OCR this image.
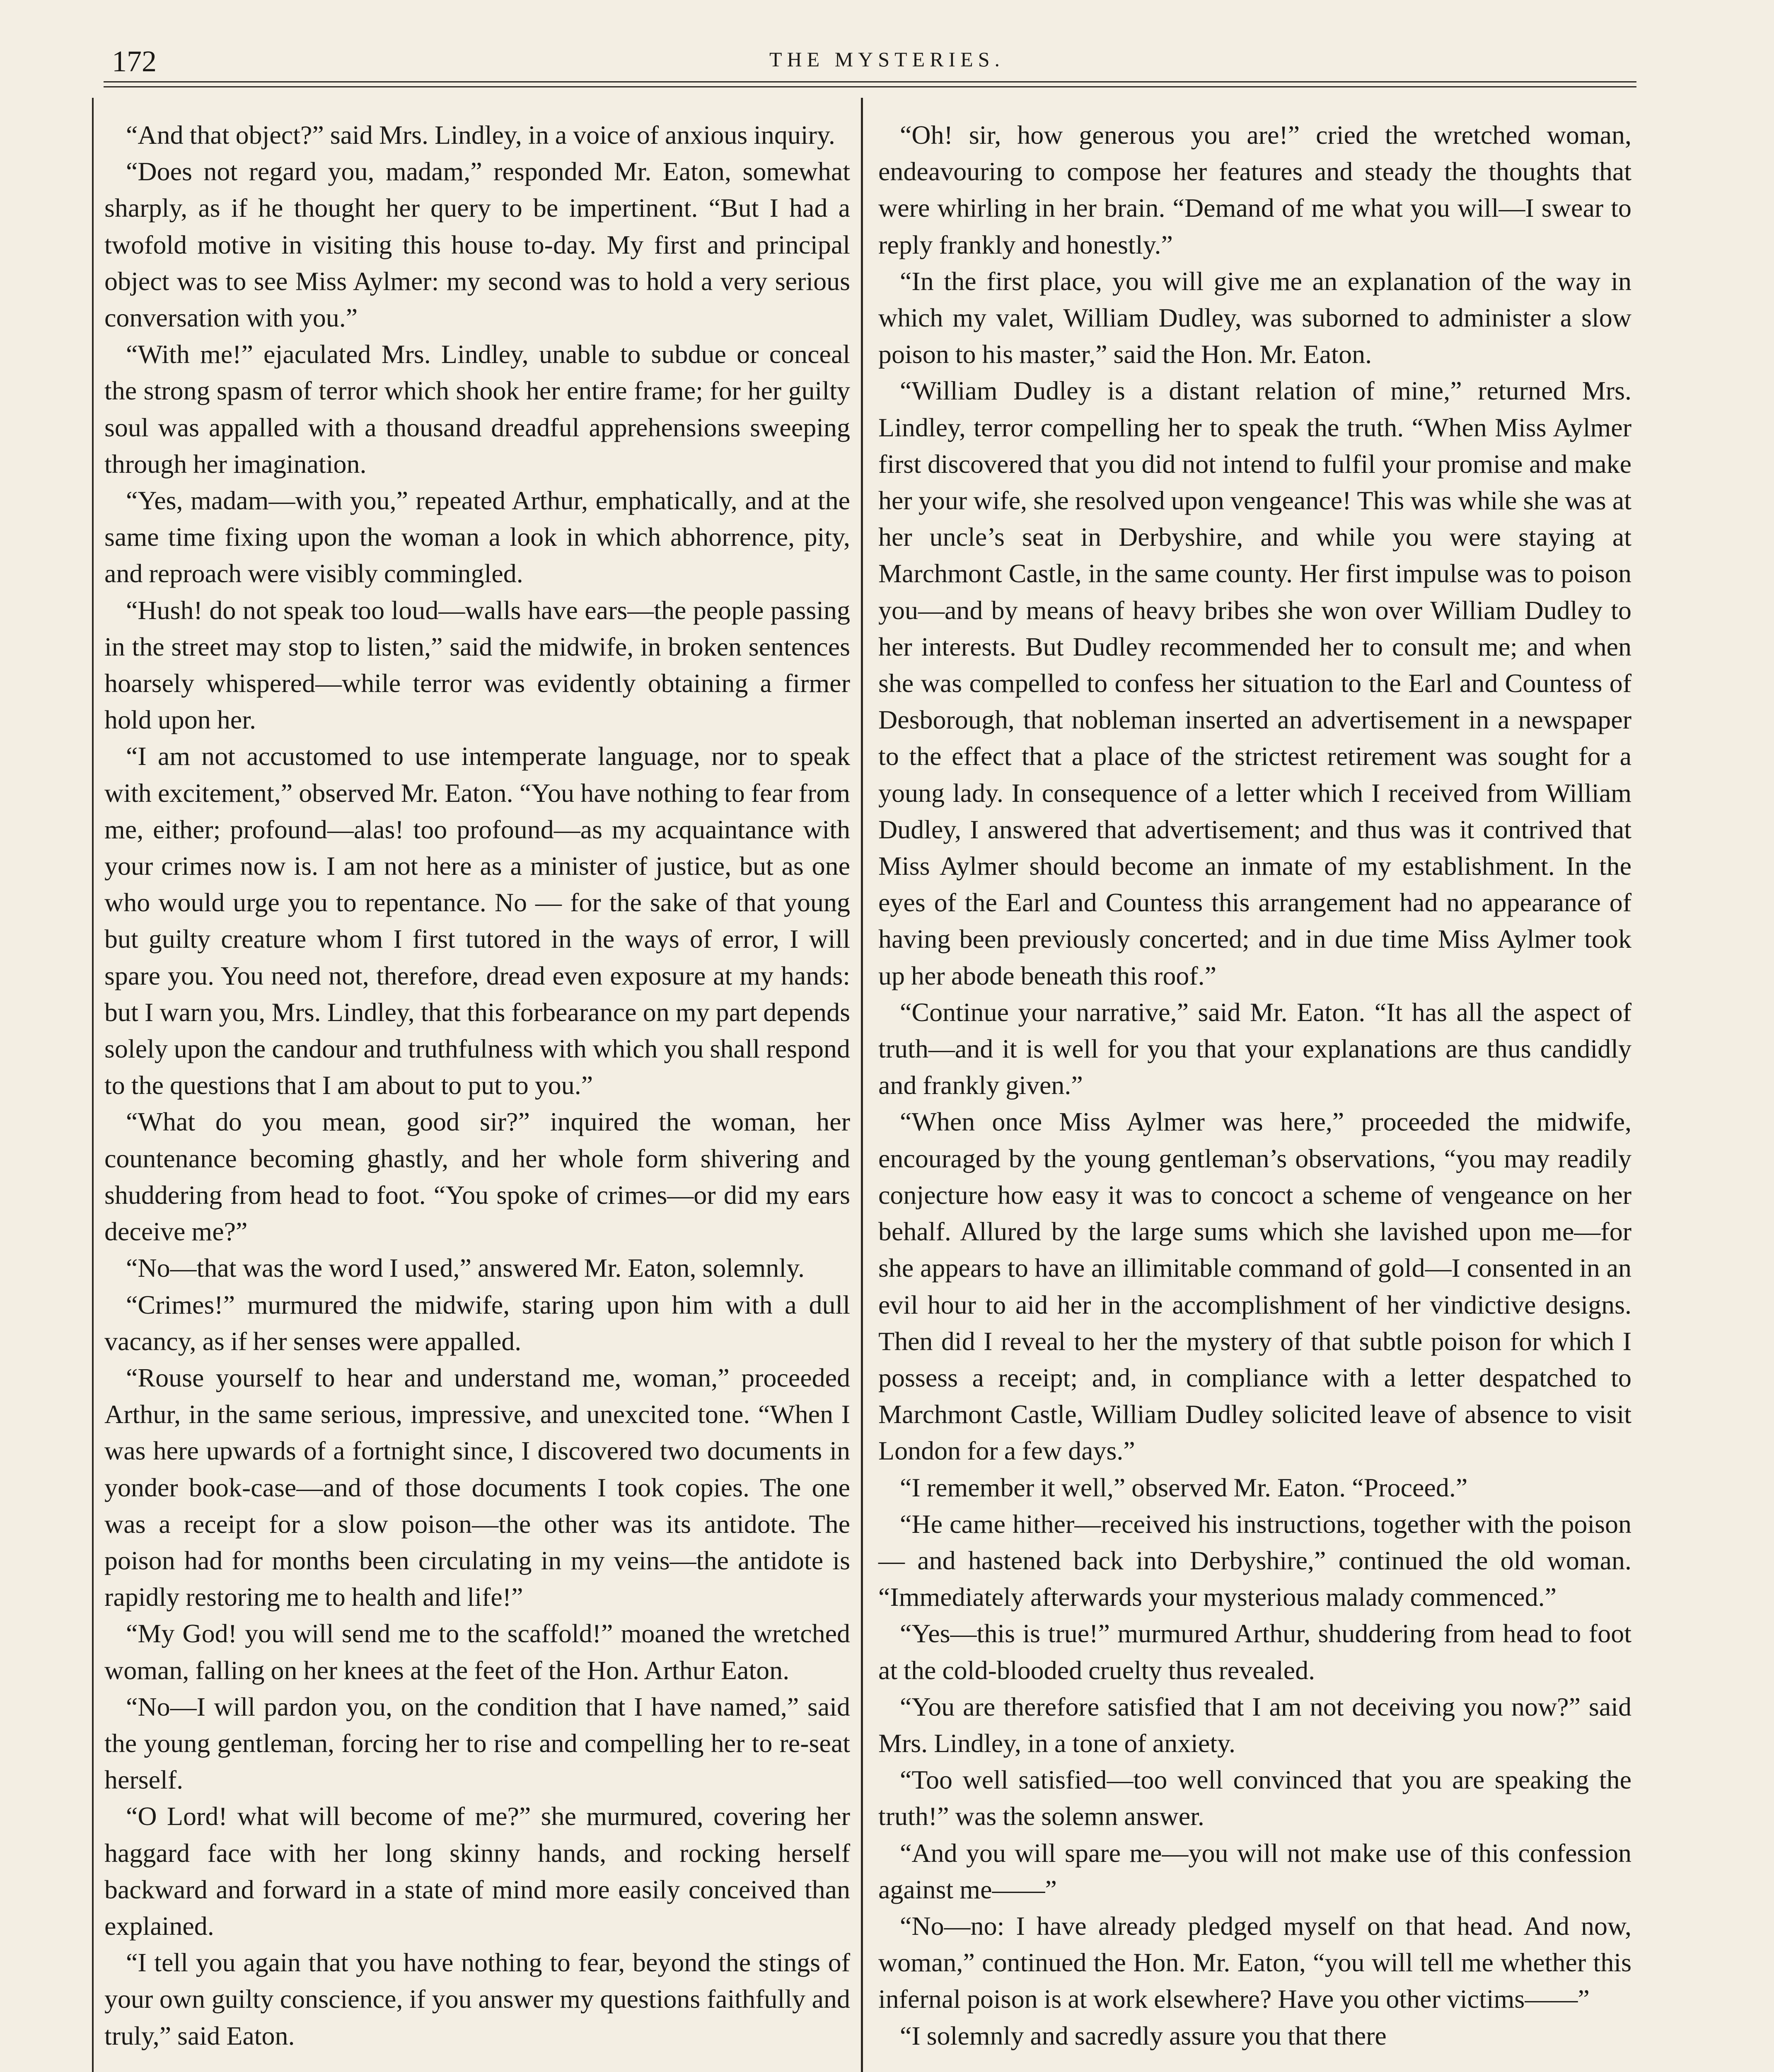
172	THE MYSTERIES.

“And that object?” said Mrs. Lindley, in a voice of anxious inquiry.

“Does not regard you, madam,” responded Mr. Eaton, somewhat sharply, as if he thought her query to be impertinent. “But I had a twofold motive in visiting this house to-day. My first and principal object was to see Miss Aylmer: my second was to hold a very serious conversation with you.”

“With me!” ejaculated Mrs. Lindley, unable to subdue or conceal the strong spasm of terror which shook her entire frame; for her guilty soul was appalled with a thousand dreadful apprehensions sweeping through her imagination.

“Yes, madam—with you,” repeated Arthur, emphatically, and at the same time fixing upon the woman a look in which abhorrence, pity, and reproach were visibly commingled.

“Hush! do not speak too loud—walls have ears—the people passing in the street may stop to listen,” said the midwife, in broken sentences hoarsely whispered—while terror was evidently obtaining a firmer hold upon her.

“I am not accustomed to use intemperate language, nor to speak with excitement,” observed Mr. Eaton. “You have nothing to fear from me, either; profound—alas! too profound—as my acquaintance with your crimes now is. I am not here as a minister of justice, but as one who would urge you to repentance. No — for the sake of that young but guilty creature whom I first tutored in the ways of error, I will spare you. You need not, therefore, dread even exposure at my hands: but I warn you, Mrs. Lindley, that this forbearance on my part depends solely upon the candour and truthfulness with which you shall respond to the questions that I am about to put to you.”

“What do you mean, good sir?” inquired the woman, her countenance becoming ghastly, and her whole form shivering and shuddering from head to foot. “You spoke of crimes—or did my ears deceive me?”

“No—that was the word I used,” answered Mr. Eaton, solemnly.

“Crimes!” murmured the midwife, staring upon him with a dull vacancy, as if her senses were appalled.

“Rouse yourself to hear and understand me, woman,” proceeded Arthur, in the same serious, impressive, and unexcited tone. “When I was here upwards of a fortnight since, I discovered two documents in yonder book-case—and of those documents I took copies. The one was a receipt for a slow poison—the other was its antidote. The poison had for months been circulating in my veins—the antidote is rapidly restoring me to health and life!”

“My God! you will send me to the scaffold!” moaned the wretched woman, falling on her knees at the feet of the Hon. Arthur Eaton.

“No—I will pardon you, on the condition that I have named,” said the young gentleman, forcing her to rise and compelling her to re-seat herself.

“O Lord! what will become of me?” she murmured, covering her haggard face with her long skinny hands, and rocking herself backward and forward in a state of mind more easily conceived than explained.

“I tell you again that you have nothing to fear, beyond the stings of your own guilty conscience, if you answer my questions faithfully and truly,” said Eaton.

“Oh! sir, how generous you are!” cried the wretched woman, endeavouring to compose her features and steady the thoughts that were whirling in her brain. “Demand of me what you will—I swear to reply frankly and honestly.”

“In the first place, you will give me an explanation of the way in which my valet, William Dudley, was suborned to administer a slow poison to his master,” said the Hon. Mr. Eaton.

“William Dudley is a distant relation of mine,” returned Mrs. Lindley, terror compelling her to speak the truth. “When Miss Aylmer first discovered that you did not intend to fulfil your promise and make her your wife, she resolved upon vengeance! This was while she was at her uncle’s seat in Derbyshire, and while you were staying at Marchmont Castle, in the same county. Her first impulse was to poison you—and by means of heavy bribes she won over William Dudley to her interests. But Dudley recommended her to consult me; and when she was compelled to confess her situation to the Earl and Countess of Desborough, that nobleman inserted an advertisement in a newspaper to the effect that a place of the strictest retirement was sought for a young lady. In consequence of a letter which I received from William Dudley, I answered that advertisement; and thus was it contrived that Miss Aylmer should become an inmate of my establishment. In the eyes of the Earl and Countess this arrangement had no appearance of having been previously concerted; and in due time Miss Aylmer took up her abode beneath this roof.”

“Continue your narrative,” said Mr. Eaton. “It has all the aspect of truth—and it is well for you that your explanations are thus candidly and frankly given.”

“When once Miss Aylmer was here,” proceeded the midwife, encouraged by the young gentleman’s observations, “you may readily conjecture how easy it was to concoct a scheme of vengeance on her behalf. Allured by the large sums which she lavished upon me—for she appears to have an illimitable command of gold—I consented in an evil hour to aid her in the accomplishment of her vindictive designs. Then did I reveal to her the mystery of that subtle poison for which I possess a receipt; and, in compliance with a letter despatched to Marchmont Castle, William Dudley solicited leave of absence to visit London for a few days.”

“I remember it well,” observed Mr. Eaton. “Proceed.”

“He came hither—received his instructions, together with the poison — and hastened back into Derbyshire,” continued the old woman. “Immediately afterwards your mysterious malady commenced.”

“Yes—this is true!” murmured Arthur, shuddering from head to foot at the cold-blooded cruelty thus revealed.

“You are therefore satisfied that I am not deceiving you now?” said Mrs. Lindley, in a tone of anxiety.

“Too well satisfied—too well convinced that you are speaking the truth!” was the solemn answer.

“And you will spare me—you will not make use of this confession against me——”

“No—no: I have already pledged myself on that head. And now, woman,” continued the Hon. Mr. Eaton, “you will tell me whether this infernal poison is at work elsewhere? Have you other victims——”

“I solemnly and sacredly assure you that there
